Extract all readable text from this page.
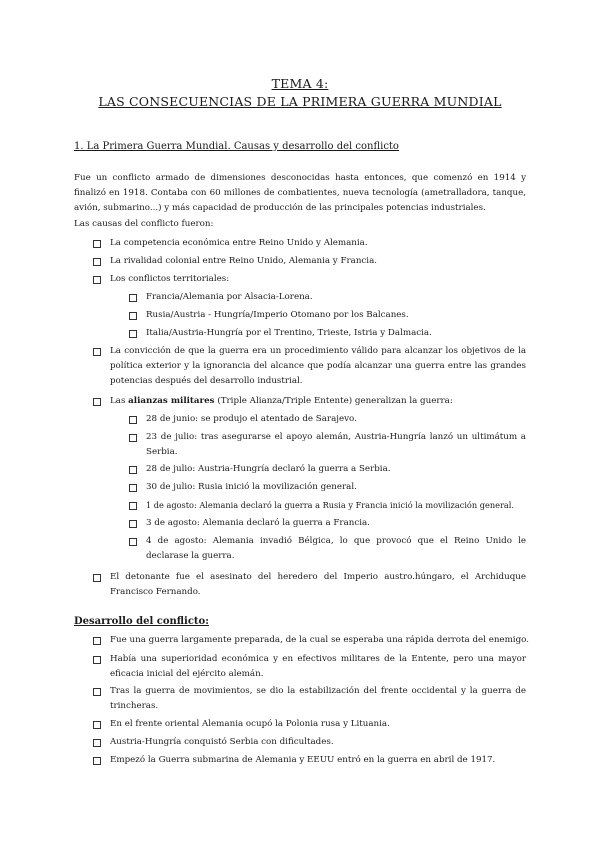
TEMA 4:
LAS CONSECUENCIAS DE LA PRIMERA GUERRA MUNDIAL
1. La Primera Guerra Mundial. Causas y desarrollo del conflicto
Fue un conflicto armado de dimensiones desconocidas hasta entonces, que comenzó en 1914 y finalizó en 1918. Contaba con 60 millones de combatientes, nueva tecnología (ametralladora, tanque, avión, submarino...) y más capacidad de producción de las principales potencias industriales.
Las causas del conflicto fueron:
La competencia económica entre Reino Unido y Alemania.
La rivalidad colonial entre Reino Unido, Alemania y Francia.
Los conflictos territoriales:
Francia/Alemania por Alsacia-Lorena.
Rusia/Austria - Hungría/Imperio Otomano por los Balcanes.
Italia/Austria-Hungría por el Trentino, Trieste, Istria y Dalmacia.
La convicción de que la guerra era un procedimiento válido para alcanzar los objetivos de la política exterior y la ignorancia del alcance que podía alcanzar una guerra entre las grandes potencias después del desarrollo industrial.
Las alianzas militares (Triple Alianza/Triple Entente) generalizan la guerra:
28 de junio: se produjo el atentado de Sarajevo.
23 de julio: tras asegurarse el apoyo alemán, Austria-Hungría lanzó un ultimátum a Serbia.
28 de julio: Austria-Hungría declaró la guerra a Serbia.
30 de julio: Rusia inició la movilización general.
1 de agosto: Alemania declaró la guerra a Rusia y Francia inició la movilización general.
3 de agosto: Alemania declaró la guerra a Francia.
4 de agosto: Alemania invadió Bélgica, lo que provocó que el Reino Unido le declarase la guerra.
El detonante fue el asesinato del heredero del Imperio austro.húngaro, el Archiduque Francisco Fernando.
Desarrollo del conflicto:
Fue una guerra largamente preparada, de la cual se esperaba una rápida derrota del enemigo.
Había una superioridad económica y en efectivos militares de la Entente, pero una mayor eficacia inicial del ejército alemán.
Tras la guerra de movimientos, se dio la estabilización del frente occidental y la guerra de trincheras.
En el frente oriental Alemania ocupó la Polonia rusa y Lituania.
Austria-Hungría conquistó Serbia con dificultades.
Empezó la Guerra submarina de Alemania y EEUU entró en la guerra en abril de 1917.
